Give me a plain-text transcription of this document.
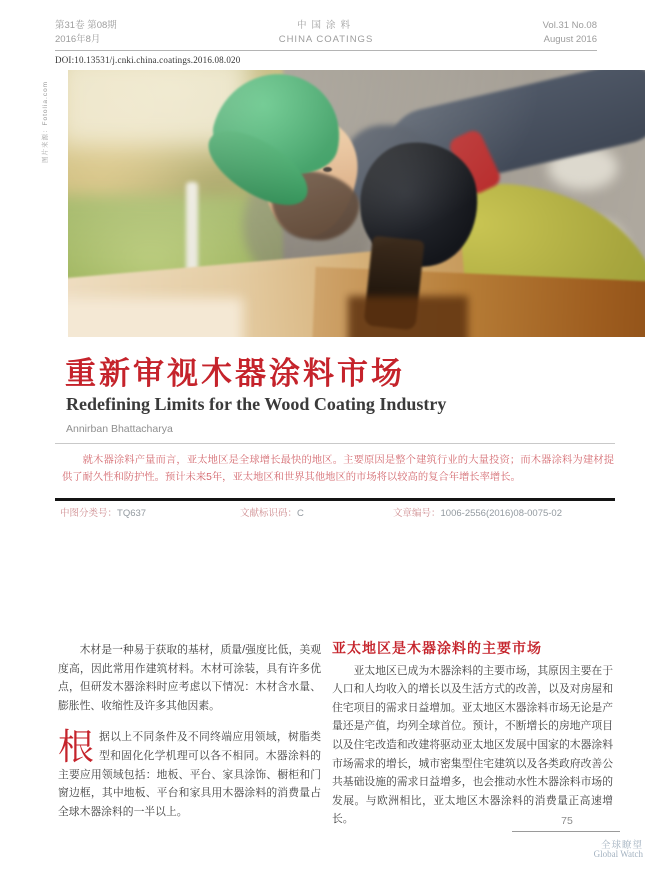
第31卷 第08期
2016年8月
中国涂料
CHINA COATINGS
Vol.31 No.08
August 2016
DOI:10.13531/j.cnki.china.coatings.2016.08.020
图片来源：Fotolia.com
重新审视木器涂料市场
Redefining Limits for the Wood Coating Industry
Annirban Bhattacharya

就木器涂料产量而言，亚太地区是全球增长最快的地区。主要原因是整个建筑行业的大量投资；而木器涂料为建材提供了耐久性和防护性。预计未来5年，亚太地区和世界其他地区的市场将以较高的复合年增长率增长。

中图分类号：TQ637	文献标识码：C	文章编号：1006-2556(2016)08-0075-02

木材是一种易于获取的基材，质量/强度比低，美观度高，因此常用作建筑材料。木材可涂装，具有许多优点，但研发木器涂料时应考虑以下情况：木材含水量、膨胀性、收缩性及许多其他因素。

根据以上不同条件及不同终端应用领域，树脂类型和固化化学机理可以各不相同。木器涂料的主要应用领域包括：地板、平台、家具涂饰、橱柜和门窗边框，其中地板、平台和家具用木器涂料的消费量占全球木器涂料的一半以上。

亚太地区是木器涂料的主要市场

亚太地区已成为木器涂料的主要市场，其原因主要在于人口和人均收入的增长以及生活方式的改善，以及对房屋和住宅项目的需求日益增加。亚太地区木器涂料市场无论是产量还是产值，均列全球首位。预计，不断增长的房地产项目以及住宅改造和改建将驱动亚太地区发展中国家的木器涂料市场需求的增长，城市密集型住宅建筑以及各类政府改善公共基础设施的需求日益增多，也会推动水性木器涂料市场的发展。与欧洲相比，亚太地区木器涂料的消费量正高速增长。	75
全球瞭望
Global Watch
